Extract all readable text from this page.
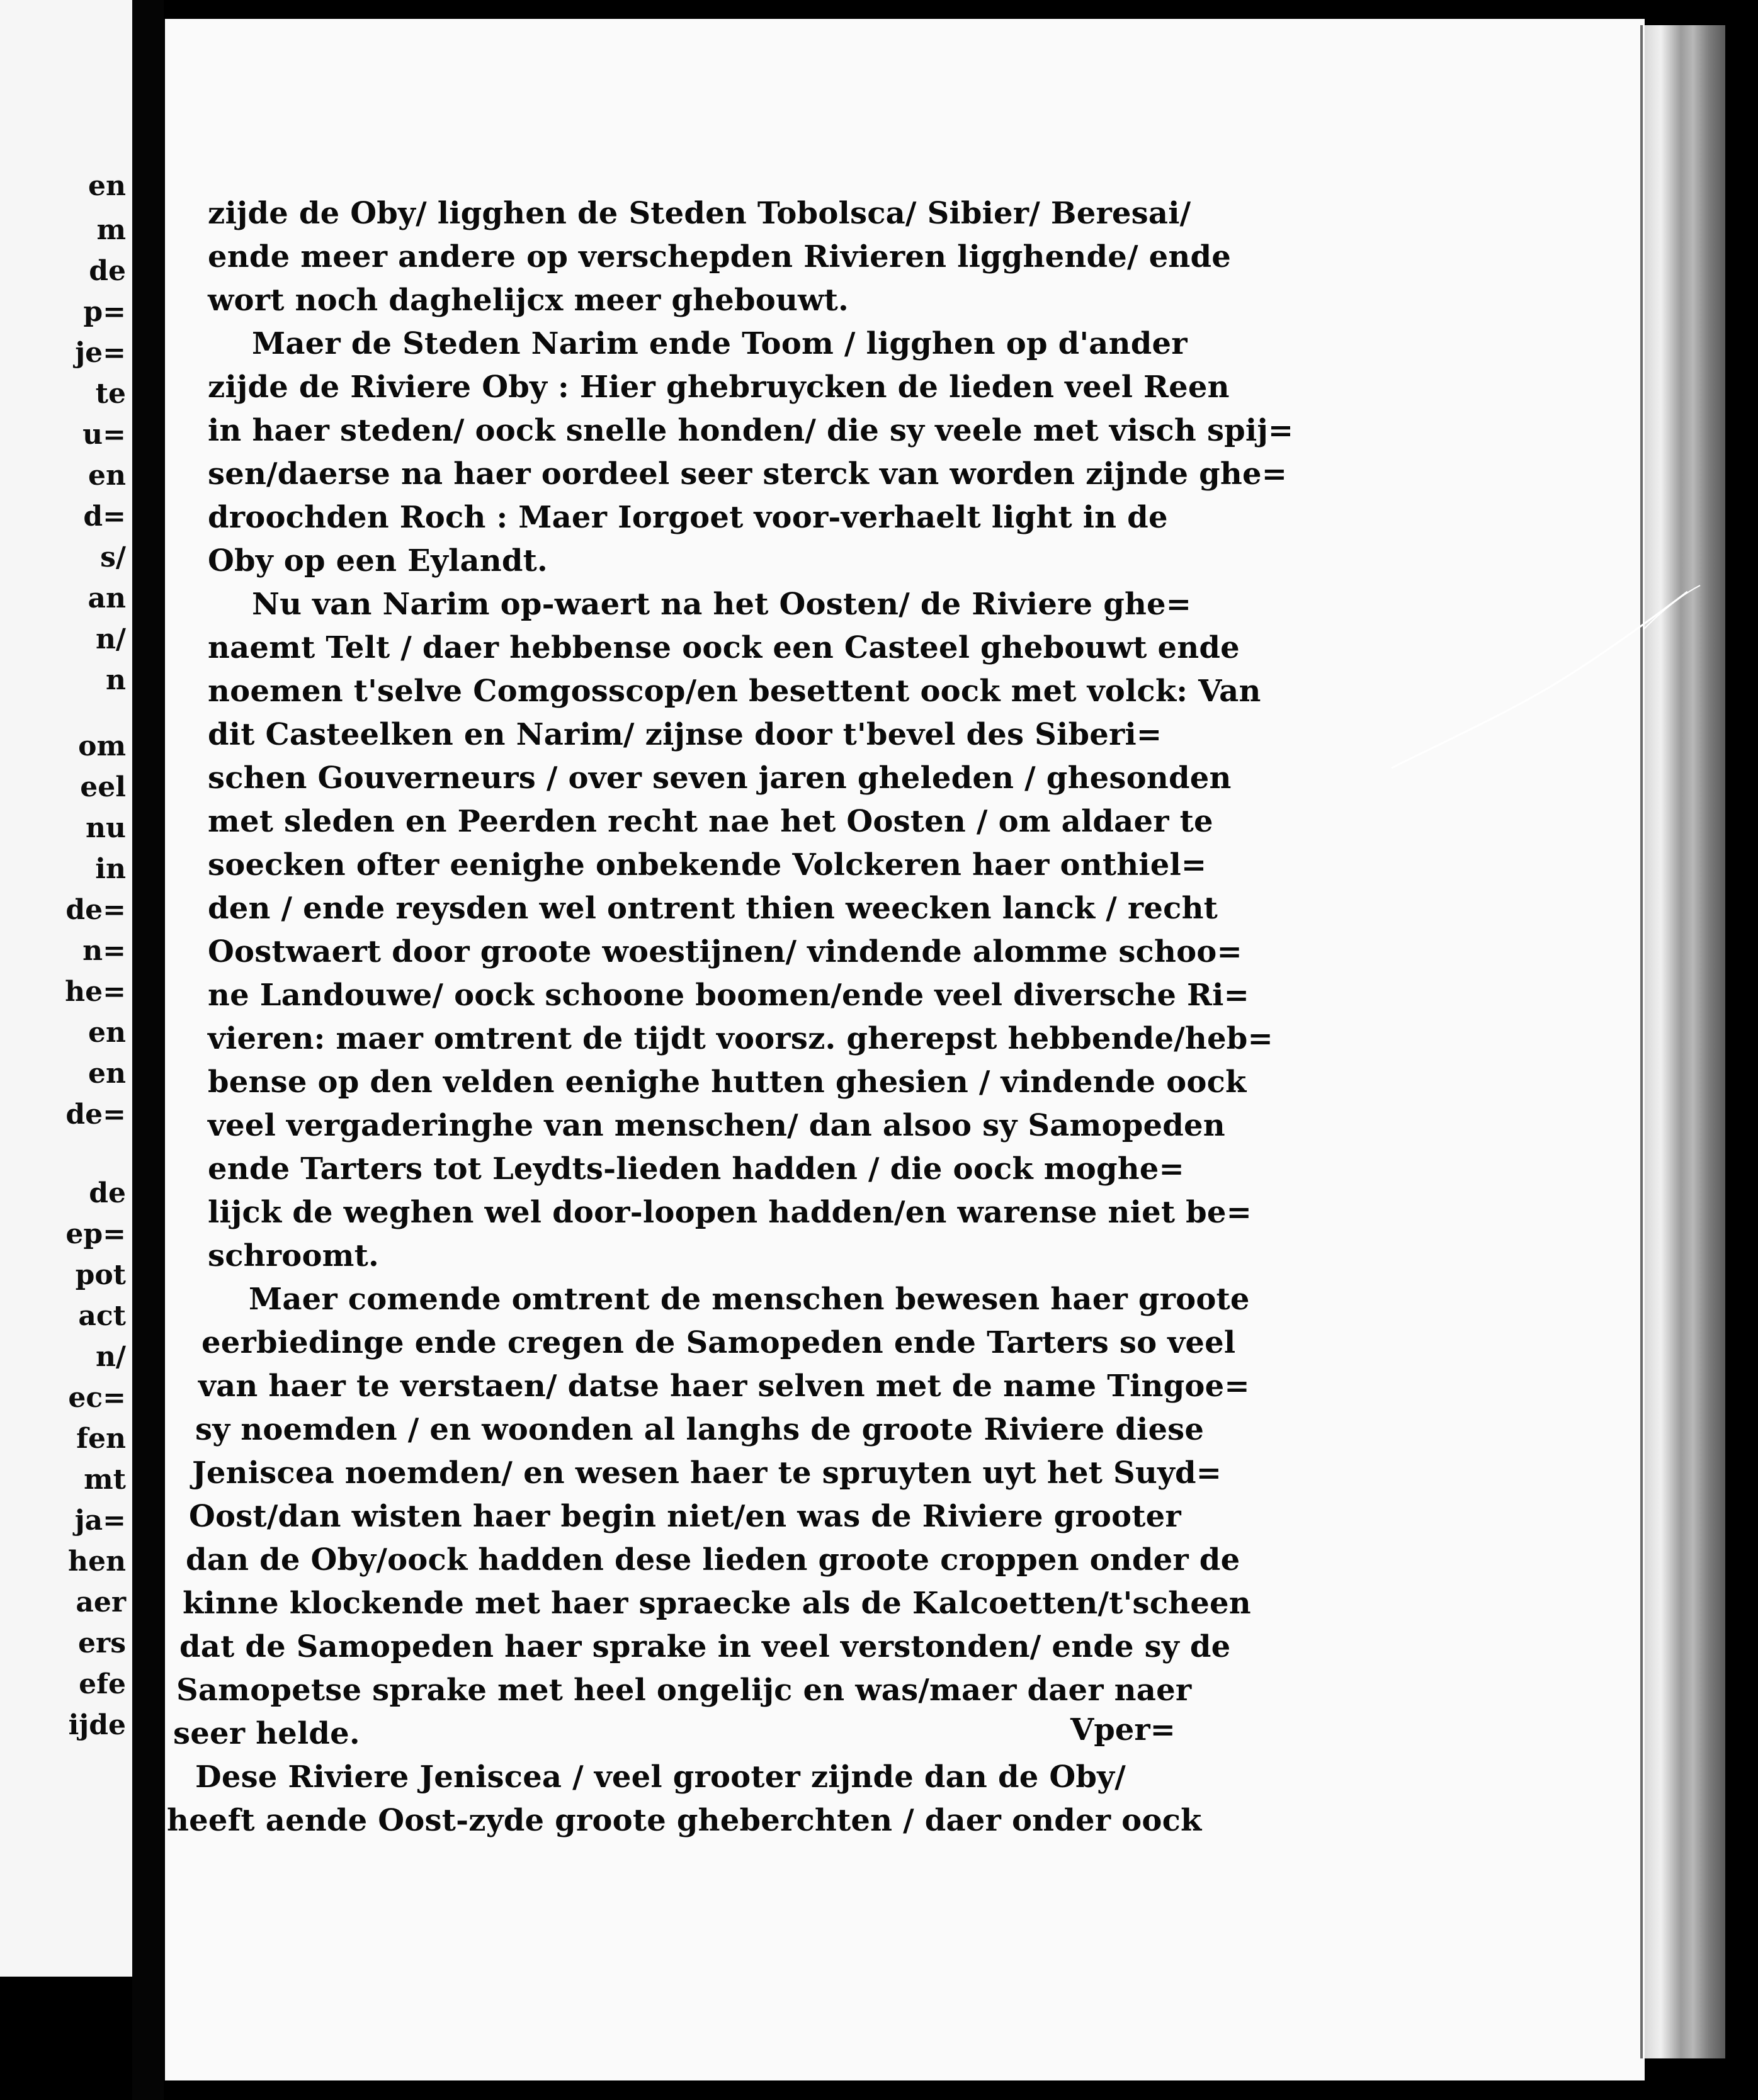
en

m

de

p=

je=

te

u=

en

d=

s/

an

n/

n

om

eel

nu

in

de=

n=

he=

en

en

de=

de

ep=

pot

act

n/

ec=

fen

mt

ja=

hen

aer

ers

efe

ijde

zijde de Oby/ ligghen de Steden Tobolsca/ Sibier/ Beresai/
ende meer andere op verschepden Rivieren ligghende/ ende
wort noch daghelijcx meer ghebouwt.
Maer de Steden Narim ende Toom / ligghen op d'ander
zijde de Riviere Oby : Hier ghebruycken de lieden veel Reen
in haer steden/ oock snelle honden/ die sy veele met visch spij=
sen/daerse na haer oordeel seer sterck van worden zijnde ghe=
droochden Roch : Maer Iorgoet voor-verhaelt light in de
Oby op een Eylandt.
Nu van Narim op-waert na het Oosten/ de Riviere ghe=
naemt Telt / daer hebbense oock een Casteel ghebouwt ende
noemen t'selve Comgosscop/en besettent oock met volck: Van
dit Casteelken en Narim/ zijnse door t'bevel des Siberi=
schen Gouverneurs / over seven jaren gheleden / ghesonden
met sleden en Peerden recht nae het Oosten / om aldaer te
soecken ofter eenighe onbekende Volckeren haer onthiel=
den / ende reysden wel ontrent thien weecken lanck / recht
Oostwaert door groote woestijnen/ vindende alomme schoo=
ne Landouwe/ oock schoone boomen/ende veel diversche Ri=
vieren: maer omtrent de tijdt voorsz. gherepst hebbende/heb=
bense op den velden eenighe hutten ghesien / vindende oock
veel vergaderinghe van menschen/ dan alsoo sy Samopeden
ende Tarters tot Leydts-lieden hadden / die oock moghe=
lijck de weghen wel door-loopen hadden/en warense niet be=
schroomt.
Maer comende omtrent de menschen bewesen haer groote
eerbiedinge ende cregen de Samopeden ende Tarters so veel
van haer te verstaen/ datse haer selven met de name Tingoe=
sy noemden / en woonden al langhs de groote Riviere diese
Jeniscea noemden/ en wesen haer te spruyten uyt het Suyd=
Oost/dan wisten haer begin niet/en was de Riviere grooter
dan de Oby/oock hadden dese lieden groote croppen onder de
kinne klockende met haer spraecke als de Kalcoetten/t'scheen
dat de Samopeden haer sprake in veel verstonden/ ende sy de
Samopetse sprake met heel ongelijc en was/maer daer naer
seer helde.
Dese Riviere Jeniscea / veel grooter zijnde dan de Oby/
heeft aende Oost-zyde groote gheberchten / daer onder oock
Vper=
